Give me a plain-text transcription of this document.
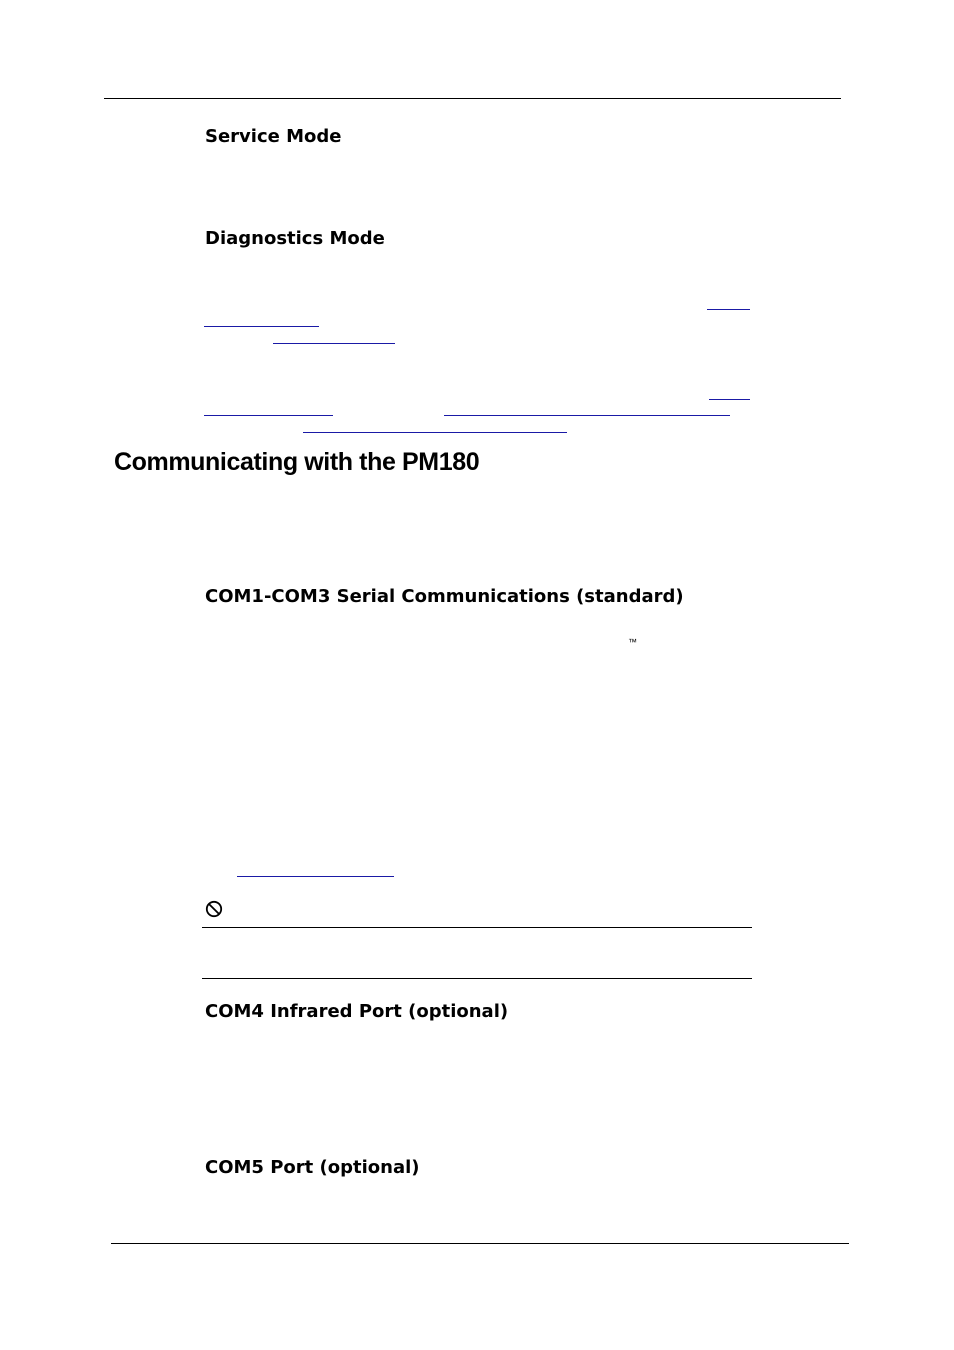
Service Mode
Diagnostics Mode
Communicating with the PM180
COM1-COM3 Serial Communications (standard)
™
COM4 Infrared Port (optional)
COM5 Port (optional)
